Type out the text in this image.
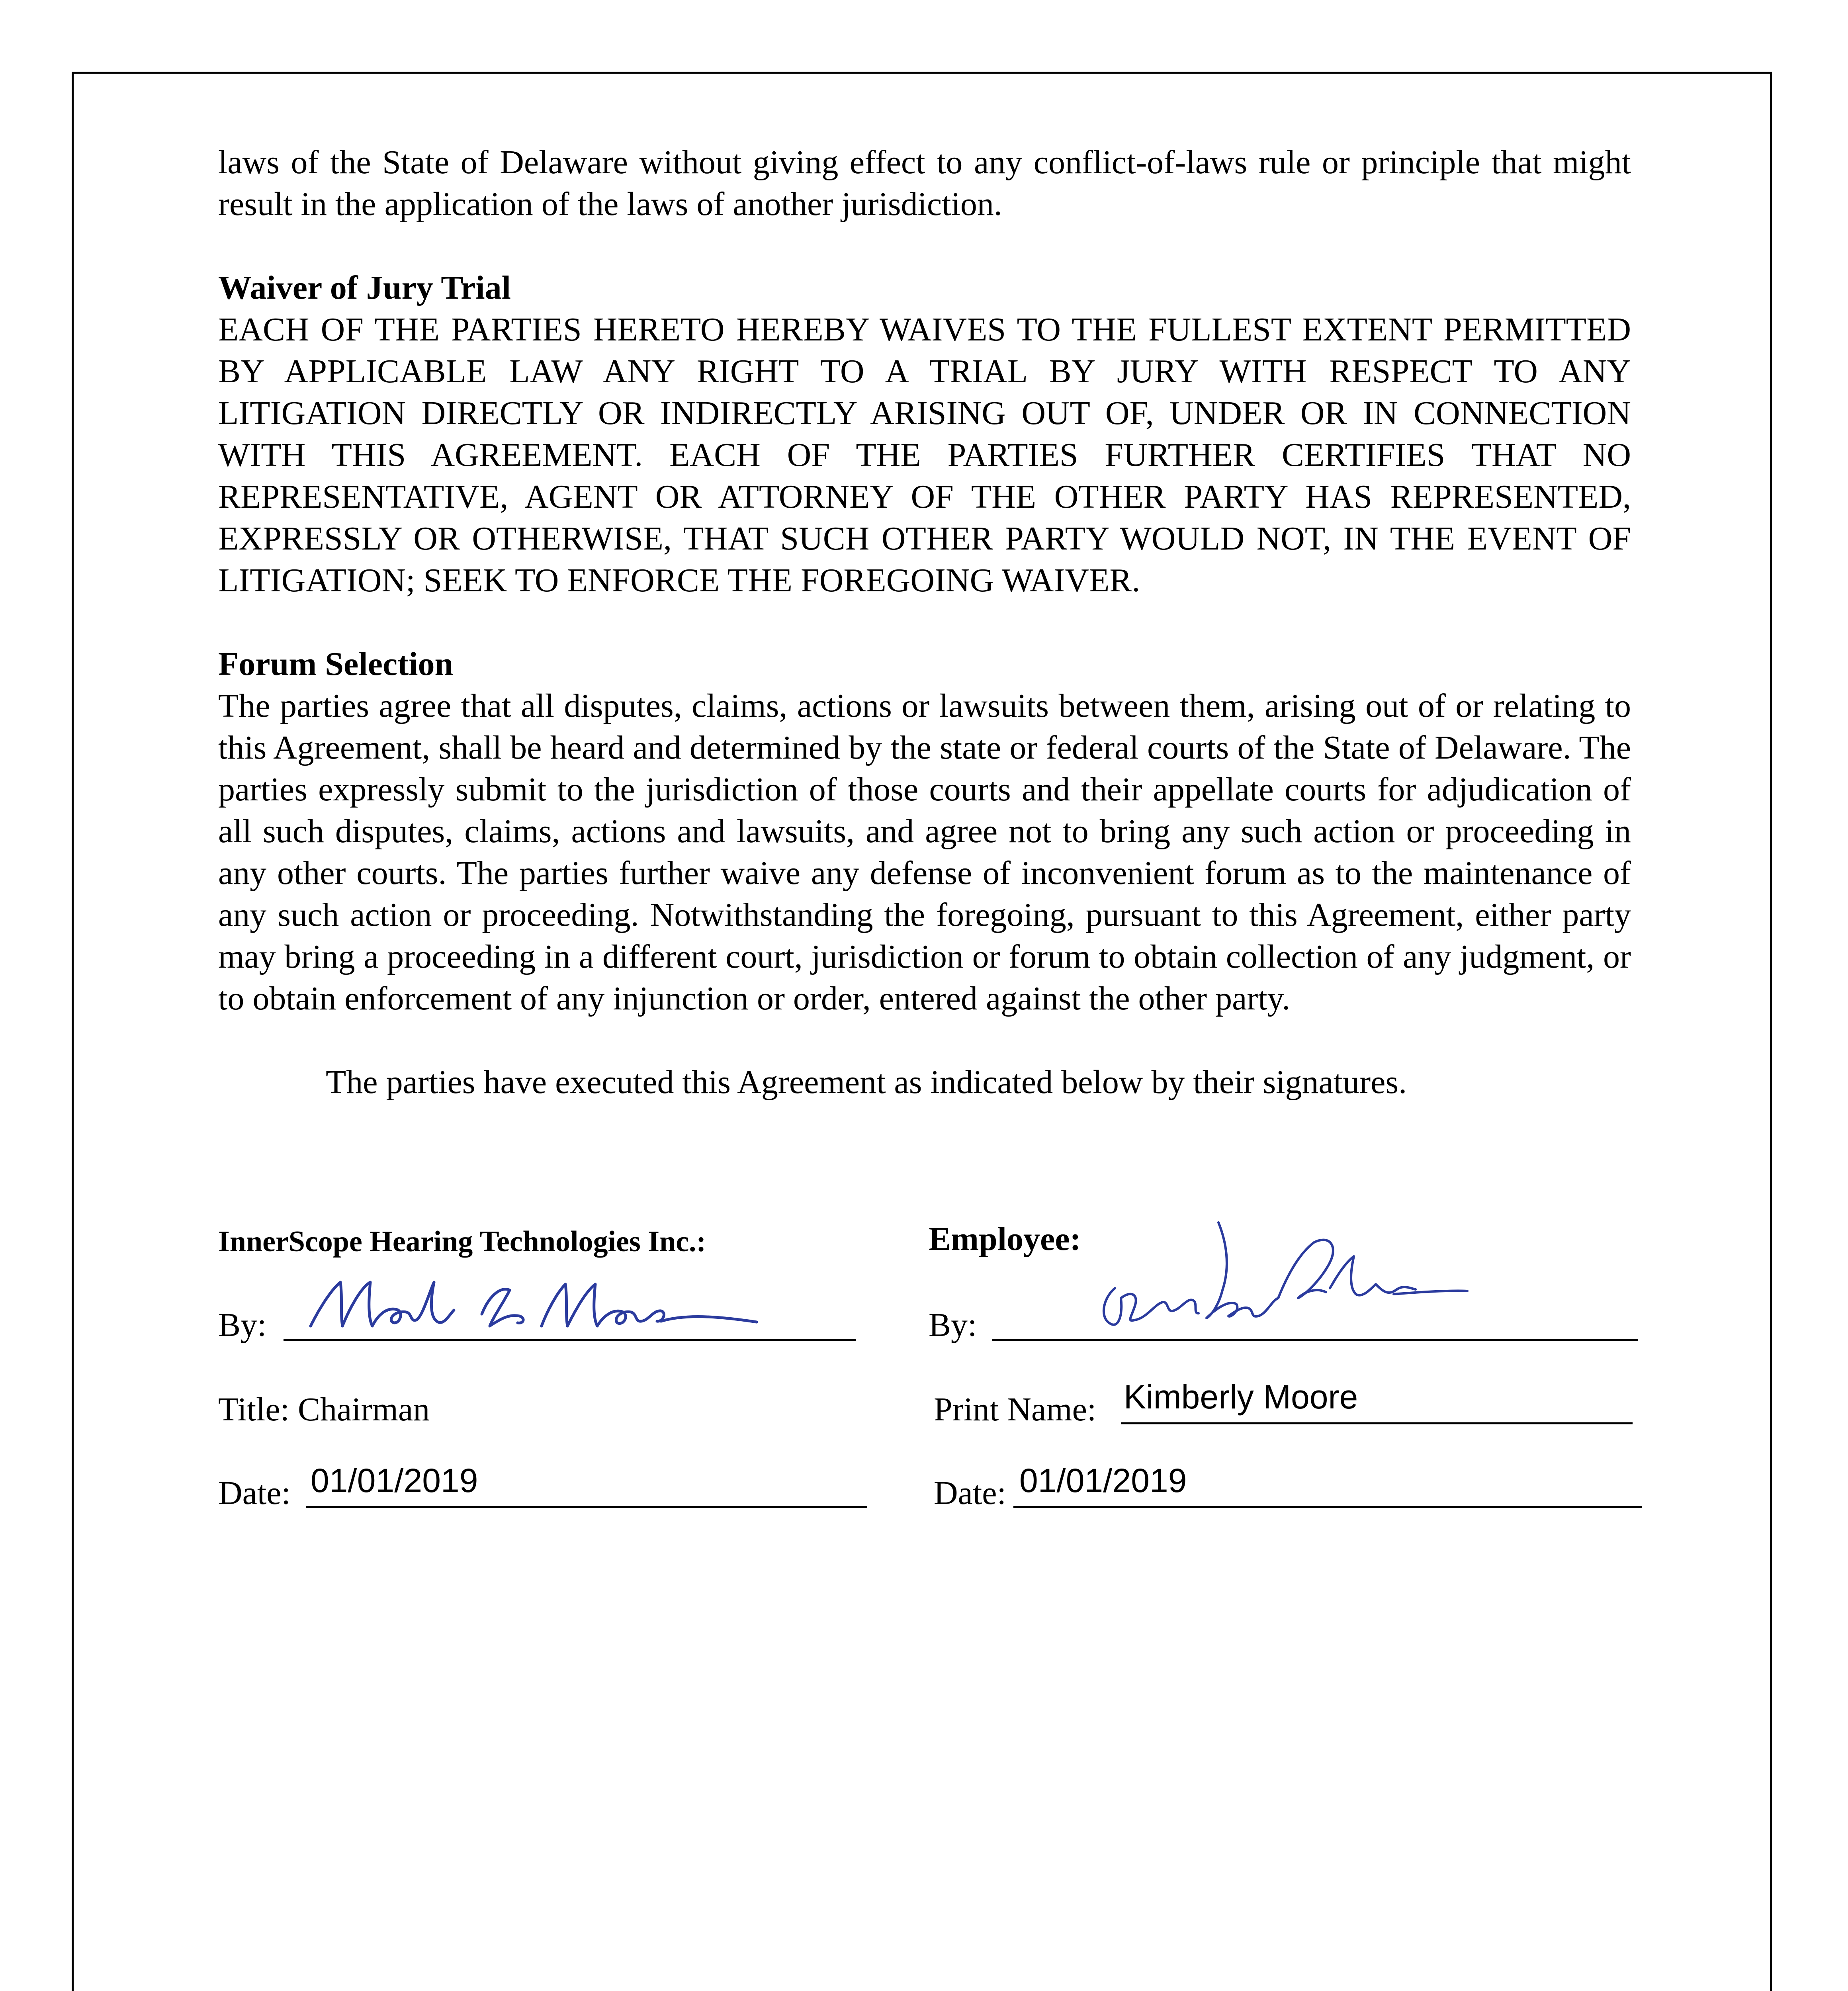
laws of the State of Delaware without giving effect to any conflict-of-laws rule or principle that might result in the application of the laws of another jurisdiction.

Waiver of Jury Trial

EACH OF THE PARTIES HERETO HEREBY WAIVES TO THE FULLEST EXTENT PERMITTED BY APPLICABLE LAW ANY RIGHT TO A TRIAL BY JURY WITH RESPECT TO ANY LITIGATION DIRECTLY OR INDIRECTLY ARISING OUT OF, UNDER OR IN CONNECTION WITH THIS AGREEMENT. EACH OF THE PARTIES FURTHER CERTIFIES THAT NO REPRESENTATIVE, AGENT OR ATTORNEY OF THE OTHER PARTY HAS REPRESENTED, EXPRESSLY OR OTHERWISE, THAT SUCH OTHER PARTY WOULD NOT, IN THE EVENT OF LITIGATION; SEEK TO ENFORCE THE FOREGOING WAIVER.

Forum Selection

The parties agree that all disputes, claims, actions or lawsuits between them, arising out of or relating to this Agreement, shall be heard and determined by the state or federal courts of the State of Delaware. The parties expressly submit to the jurisdiction of those courts and their appellate courts for adjudication of all such disputes, claims, actions and lawsuits, and agree not to bring any such action or proceeding in any other courts. The parties further waive any defense of inconvenient forum as to the maintenance of any such action or proceeding. Notwithstanding the foregoing, pursuant to this Agreement, either party may bring a proceeding in a different court, jurisdiction or forum to obtain collection of any judgment, or to obtain enforcement of any injunction or order, entered against the other party.

The parties have executed this Agreement as indicated below by their signatures.

InnerScope Hearing Technologies Inc.:
By:
Title: Chairman
Date: 01/01/2019
Employee:
By:
Print Name: Kimberly Moore
Date: 01/01/2019
